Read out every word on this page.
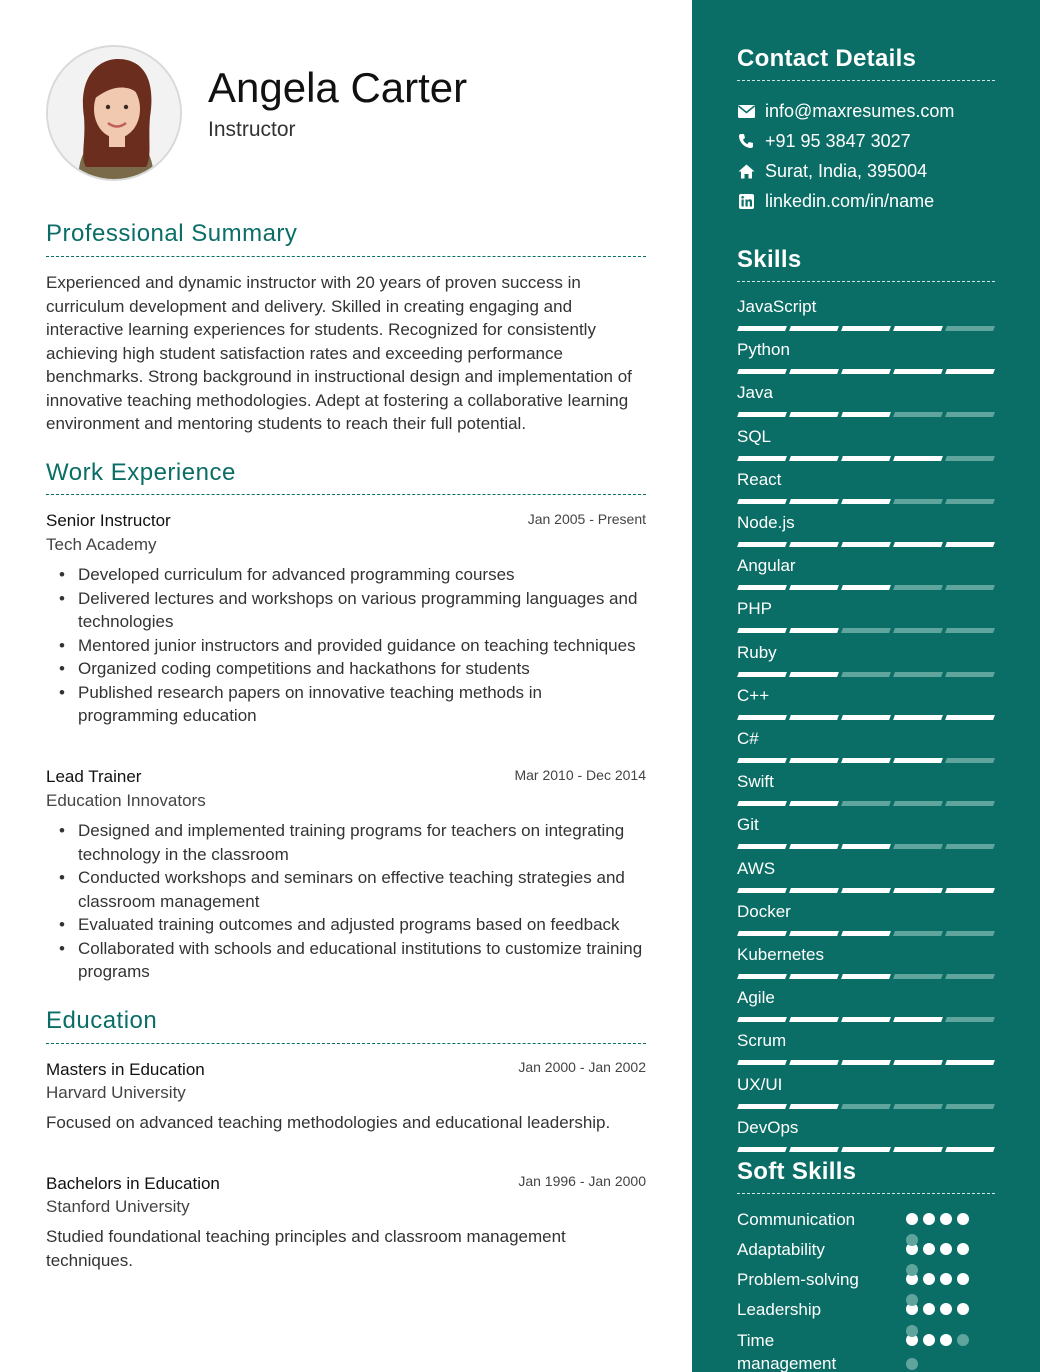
Angela Carter
Instructor
Professional Summary
Experienced and dynamic instructor with 20 years of proven success in curriculum development and delivery. Skilled in creating engaging and interactive learning experiences for students. Recognized for consistently achieving high student satisfaction rates and exceeding performance benchmarks. Strong background in instructional design and implementation of innovative teaching methodologies. Adept at fostering a collaborative learning environment and mentoring students to reach their full potential.
Work Experience
Senior Instructor	Jan 2005 - Present
Tech Academy
• Developed curriculum for advanced programming courses
• Delivered lectures and workshops on various programming languages and technologies
• Mentored junior instructors and provided guidance on teaching techniques
• Organized coding competitions and hackathons for students
• Published research papers on innovative teaching methods in programming education
Lead Trainer	Mar 2010 - Dec 2014
Education Innovators
• Designed and implemented training programs for teachers on integrating technology in the classroom
• Conducted workshops and seminars on effective teaching strategies and classroom management
• Evaluated training outcomes and adjusted programs based on feedback
• Collaborated with schools and educational institutions to customize training programs
Education
Masters in Education	Jan 2000 - Jan 2002
Harvard University
Focused on advanced teaching methodologies and educational leadership.
Bachelors in Education	Jan 1996 - Jan 2000
Stanford University
Studied foundational teaching principles and classroom management techniques.
Contact Details
info@maxresumes.com
+91 95 3847 3027
Surat, India, 395004
linkedin.com/in/name
Skills
JavaScript
Python
Java
SQL
React
Node.js
Angular
PHP
Ruby
C++
C#
Swift
Git
AWS
Docker
Kubernetes
Agile
Scrum
UX/UI
DevOps
Soft Skills
Communication
Adaptability
Problem-solving
Leadership
Time management
